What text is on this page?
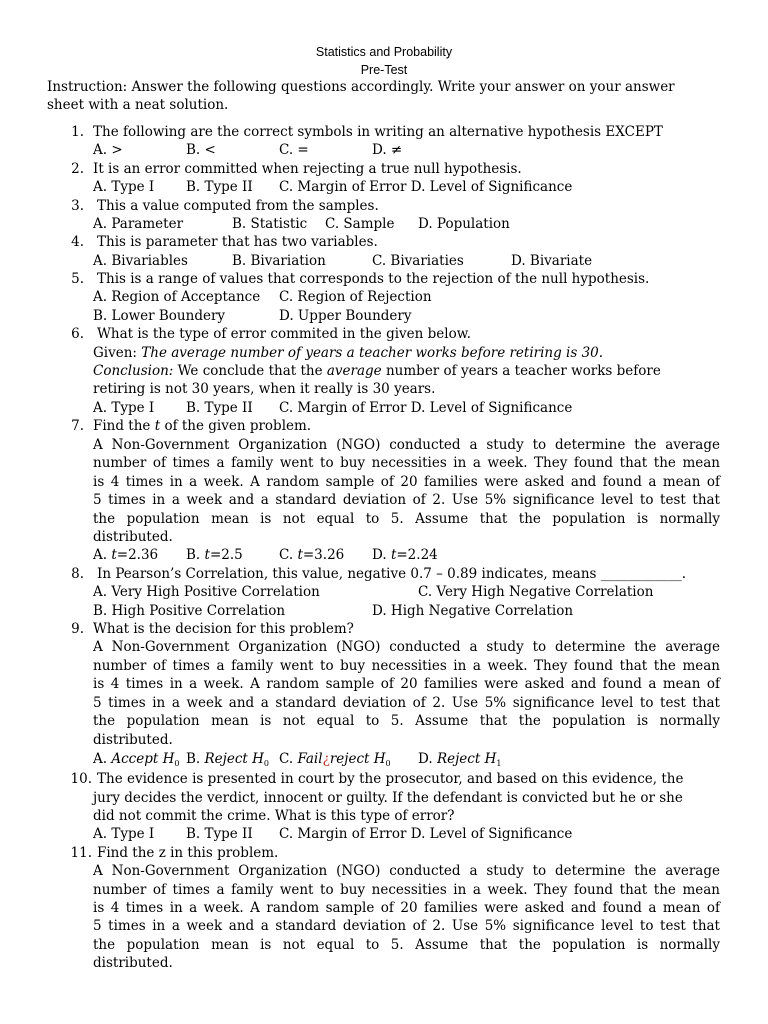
Statistics and Probability
Pre-Test
Instruction: Answer the following questions accordingly. Write your answer on your answer
sheet with a neat solution.
1. The following are the correct symbols in writing an alternative hypothesis EXCEPT
A. >	B. <	C. =	D. ≠
2. It is an error committed when rejecting a true null hypothesis.
A. Type I B. Type II C. Margin of Error D. Level of Significance
3. This a value computed from the samples.
A. Parameter	B. Statistic C. Sample D. Population
4. This is parameter that has two variables.
A. Bivariables	B. Bivariation	C. Bivariaties	D. Bivariate
5. This is a range of values that corresponds to the rejection of the null hypothesis.
A. Region of Acceptance C. Region of Rejection
B. Lower Boundery	D. Upper Boundery
6. What is the type of error commited in the given below.
Given: The average number of years a teacher works before retiring is 30.
Conclusion: We conclude that the average number of years a teacher works before
retiring is not 30 years, when it really is 30 years.
A. Type I B. Type II C. Margin of Error D. Level of Significance
7. Find the t of the given problem.
A Non-Government Organization (NGO) conducted a study to determine the average
number of times a family went to buy necessities in a week. They found that the mean
is 4 times in a week. A random sample of 20 families were asked and found a mean of
5 times in a week and a standard deviation of 2. Use 5% significance level to test that
the population mean is not equal to 5. Assume that the population is normally
distributed.
A. t=2.36 B. t=2.5	C. t=3.26 D. t=2.24
8. In Pearson’s Correlation, this value, negative 0.7 – 0.89 indicates, means ____________.
A. Very High Positive Correlation	C. Very High Negative Correlation
B. High Positive Correlation	D. High Negative Correlation
9. What is the decision for this problem?
A Non-Government Organization (NGO) conducted a study to determine the average
number of times a family went to buy necessities in a week. They found that the mean
is 4 times in a week. A random sample of 20 families were asked and found a mean of
5 times in a week and a standard deviation of 2. Use 5% significance level to test that
the population mean is not equal to 5. Assume that the population is normally
distributed.
A. Accept $H_0$ B. Reject $H_0$ C. Fail¿reject $H_0$ D. Reject $H_1$
10. The evidence is presented in court by the prosecutor, and based on this evidence, the
jury decides the verdict, innocent or guilty. If the defendant is convicted but he or she
did not commit the crime. What is this type of error?
A. Type I B. Type II C. Margin of Error D. Level of Significance
11. Find the z in this problem.
A Non-Government Organization (NGO) conducted a study to determine the average
number of times a family went to buy necessities in a week. They found that the mean
is 4 times in a week. A random sample of 20 families were asked and found a mean of
5 times in a week and a standard deviation of 2. Use 5% significance level to test that
the population mean is not equal to 5. Assume that the population is normally
distributed.
